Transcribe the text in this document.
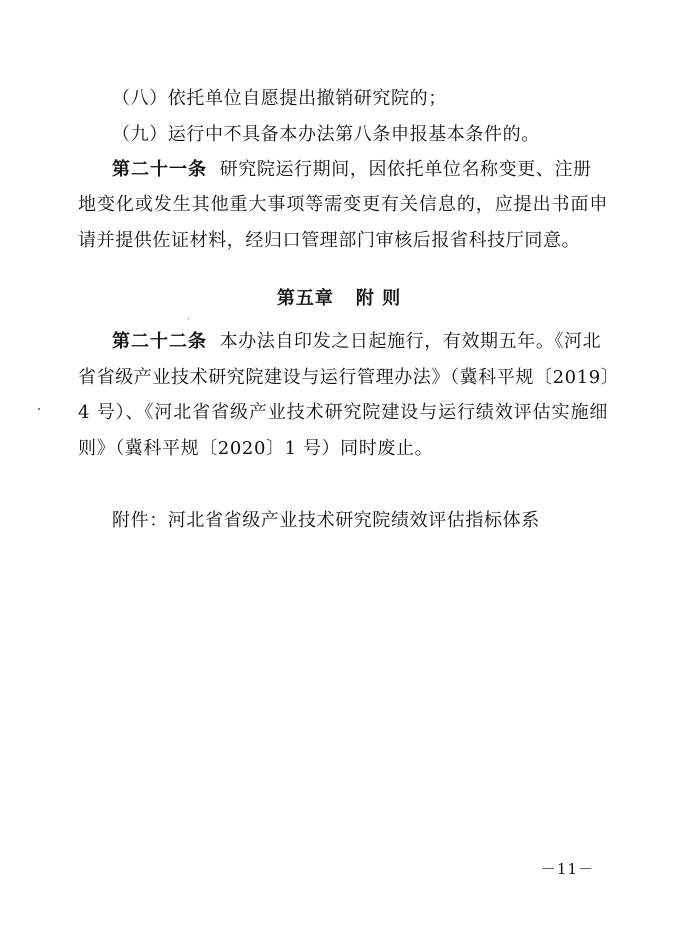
（八）依托单位自愿提出撤销研究院的；
（九）运行中不具备本办法第八条申报基本条件的。
第二十一条 研究院运行期间，因依托单位名称变更、注册
地变化或发生其他重大事项等需变更有关信息的，应提出书面申
请并提供佐证材料，经归口管理部门审核后报省科技厅同意。
第五章 附 则
第二十二条 本办法自印发之日起施行，有效期五年。《河北
省省级产业技术研究院建设与运行管理办法》（冀科平规〔2019〕
4 号）、《河北省省级产业技术研究院建设与运行绩效评估实施细
则》（冀科平规〔2020〕1 号）同时废止。
附件：河北省省级产业技术研究院绩效评估指标体系
－11－
